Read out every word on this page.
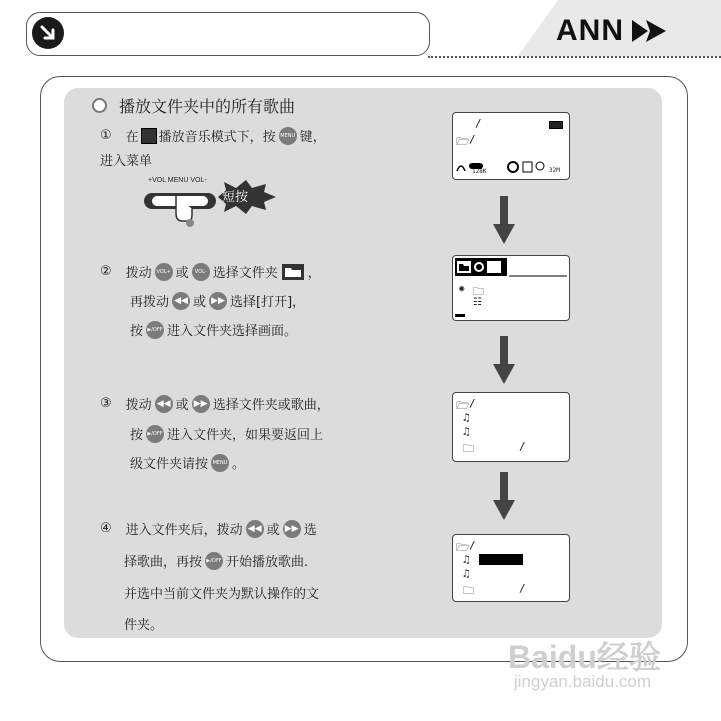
ANN
播放文件夹中的所有歌曲
① 在 播放音乐模式下，按 MENU 键，
进入菜单
+VOL MENU VOL-
短按
② 拨动 VOL+ 或	VOL- 选择文件夹 ，
再拨动 ◀◀ 或 ▶▶ 选择[打开]，
按 ▶/OFF 进入文件夹选择画面。
③ 拨动 ◀◀ 或 ▶▶ 选择文件夹或歌曲，
按 ▶/OFF 进入文件夹，如果要返回上
级文件夹请按 MENU 。
④ 进入文件夹后，拨动 ◀◀ 或 ▶▶ 选
择歌曲，再按 ▶/OFF 开始播放歌曲.
并选中当前文件夹为默认操作的文
件夹。
/
🗁 /
128K	32M
◉ 🗀
☷
🗁 /
♫
♫
🗀	/
🗁 /
♫
♫
🗀	/
Baidu经验
jingyan.baidu.com
